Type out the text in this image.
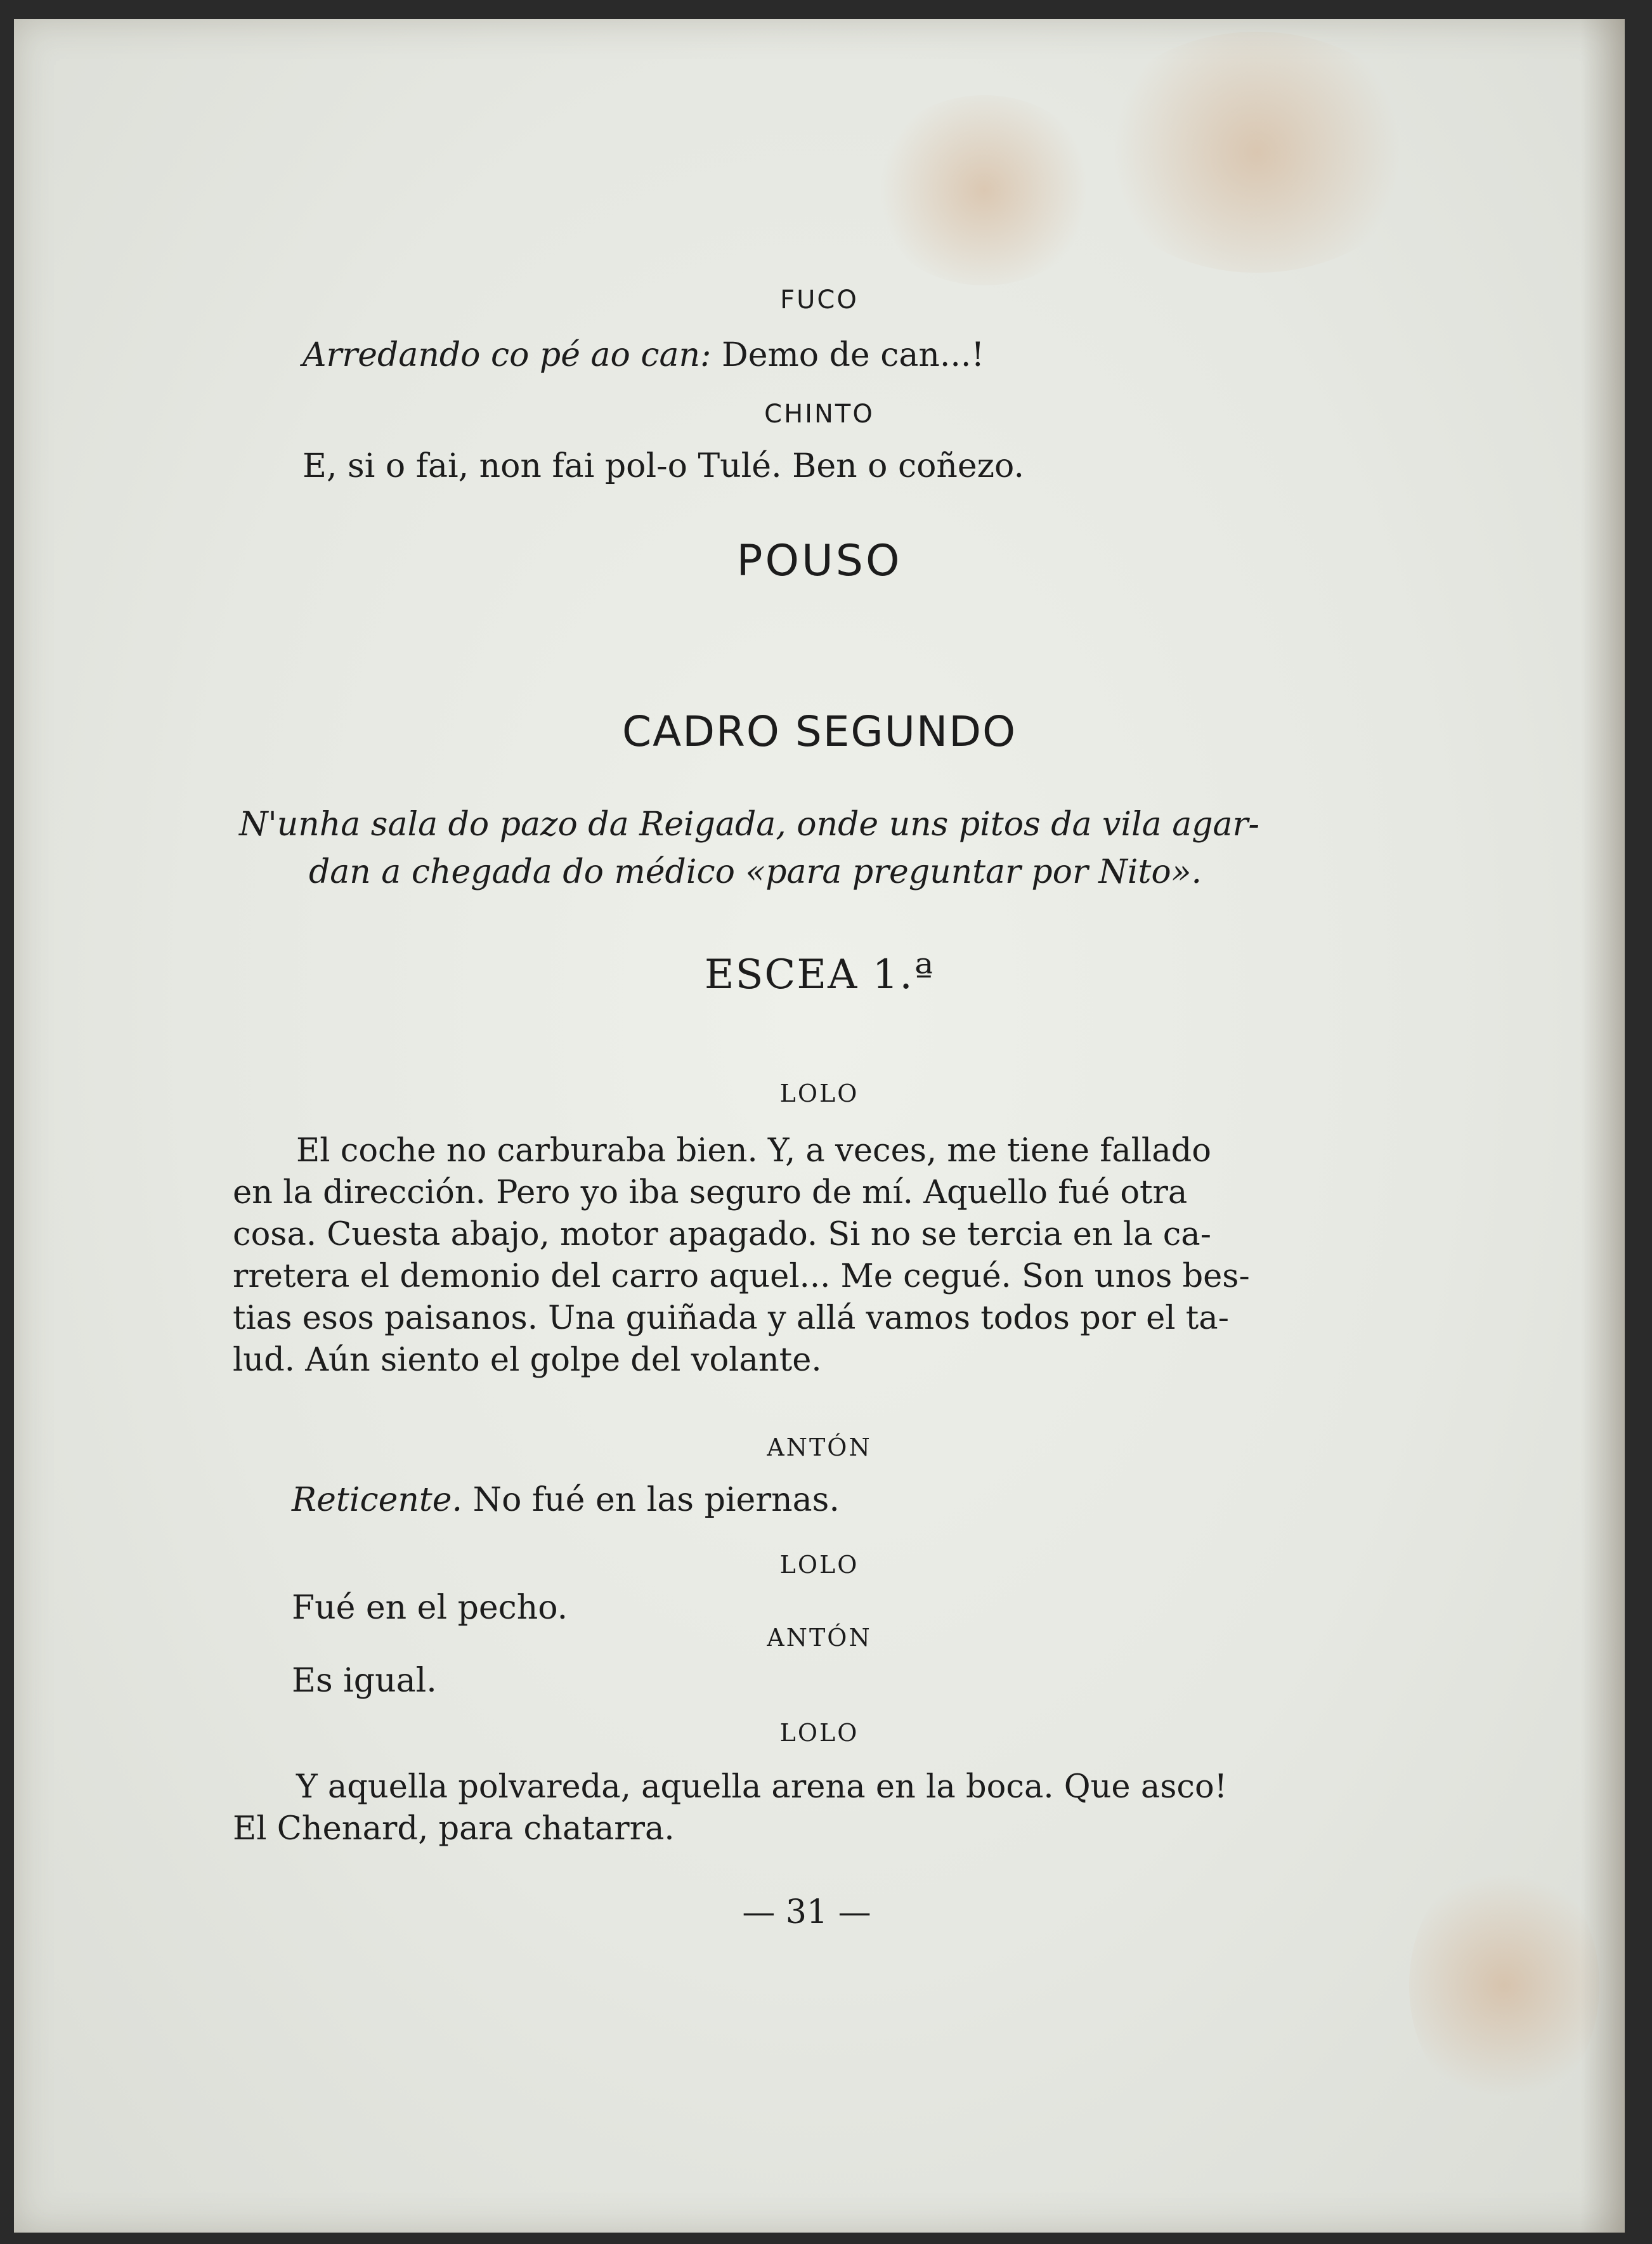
FUCO
Arredando co pé ao can: Demo de can...!
CHINTO
E, si o fai, non fai pol-o Tulé. Ben o coñezo.
POUSO
CADRO SEGUNDO
N'unha sala do pazo da Reigada, onde uns pitos da vila agar-
dan a chegada do médico «para preguntar por Nito».
ESCEA 1.ª
LOLO
El coche no carburaba bien. Y, a veces, me tiene fallado
en la dirección. Pero yo iba seguro de mí. Aquello fué otra
cosa. Cuesta abajo, motor apagado. Si no se tercia en la ca-
rretera el demonio del carro aquel... Me cegué. Son unos bes-
tias esos paisanos. Una guiñada y allá vamos todos por el ta-
lud. Aún siento el golpe del volante.
ANTÓN
Reticente. No fué en las piernas.
LOLO
Fué en el pecho.
ANTÓN
Es igual.
LOLO
Y aquella polvareda, aquella arena en la boca. Que asco!
El Chenard, para chatarra.
— 31 —
